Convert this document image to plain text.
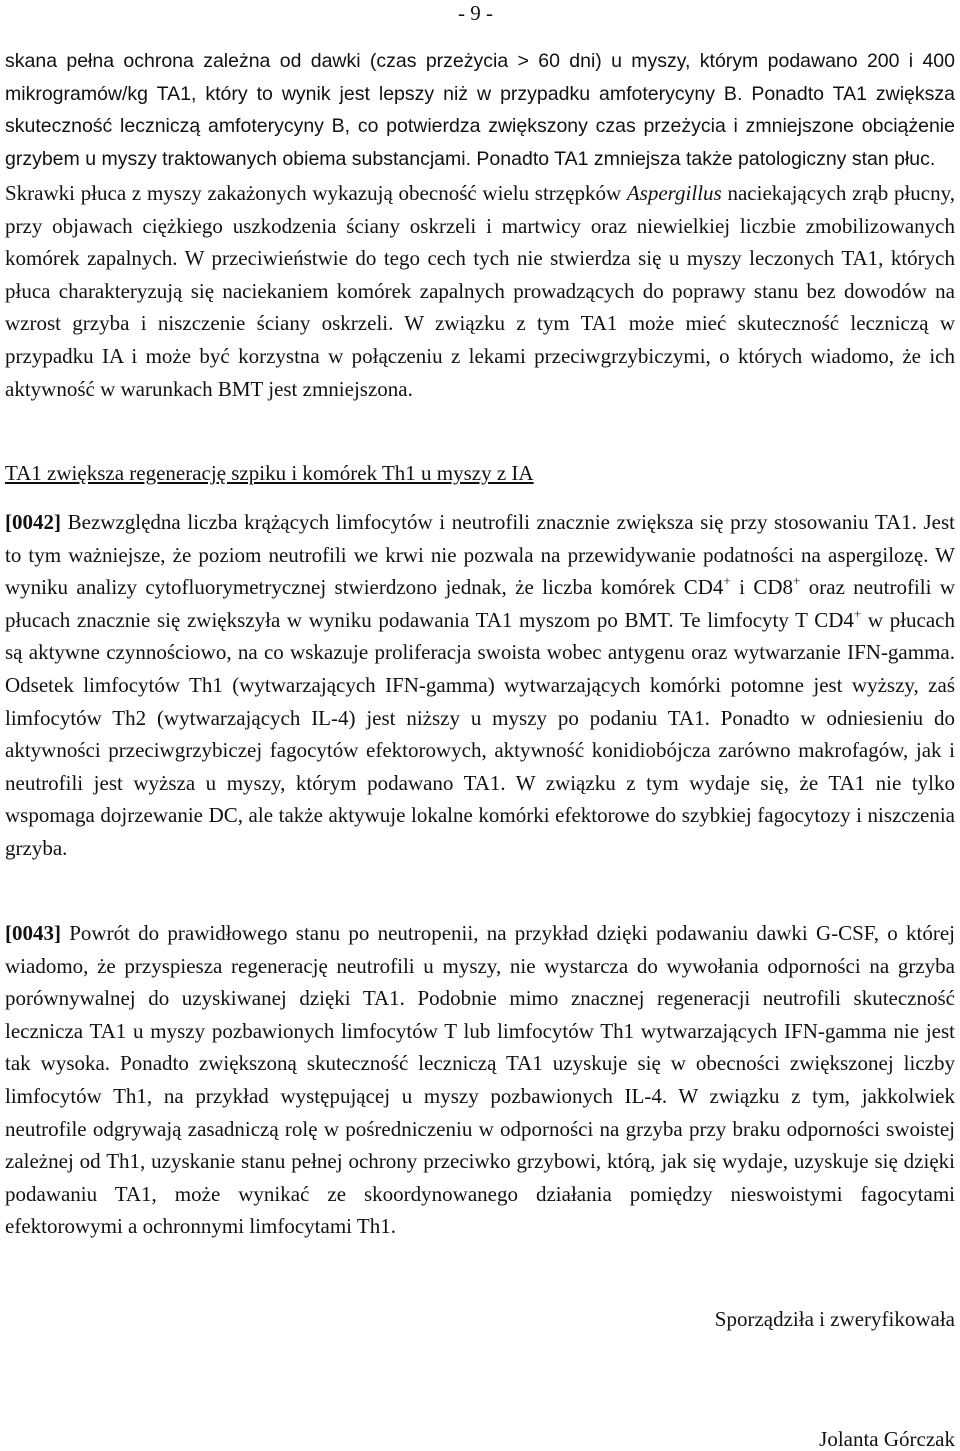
- 9 -
skana pełna ochrona zależna od dawki (czas przeżycia > 60 dni) u myszy, którym podawano 200 i 400 mikrogramów/kg TA1, który to wynik jest lepszy niż w przypadku amfoterycyny B. Ponadto TA1 zwiększa skuteczność leczniczą amfoterycyny B, co potwierdza zwiększony czas przeżycia i zmniejszone obciążenie grzybem u myszy traktowanych obiema substancjami. Ponadto TA1 zmniejsza także patologiczny stan płuc.
Skrawki płuca z myszy zakażonych wykazują obecność wielu strzępków Aspergillus naciekających zrąb płucny, przy objawach ciężkiego uszkodzenia ściany oskrzeli i martwicy oraz niewielkiej liczbie zmobilizowanych komórek zapalnych. W przeciwieństwie do tego cech tych nie stwierdza się u myszy leczonych TA1, których płuca charakteryzują się naciekaniem komórek zapalnych prowadzących do poprawy stanu bez dowodów na wzrost grzyba i niszczenie ściany oskrzeli. W związku z tym TA1 może mieć skuteczność leczniczą w przypadku IA i może być korzystna w połączeniu z lekami przeciwgrzybiczymi, o których wiadomo, że ich aktywność w warunkach BMT jest zmniejszona.
TA1 zwiększa regenerację szpiku i komórek Th1 u myszy z IA
[0042] Bezwzględna liczba krążących limfocytów i neutrofili znacznie zwiększa się przy stosowaniu TA1. Jest to tym ważniejsze, że poziom neutrofili we krwi nie pozwala na przewidywanie podatności na aspergilozę. W wyniku analizy cytofluorymetrycznej stwierdzono jednak, że liczba komórek CD4+ i CD8+ oraz neutrofili w płucach znacznie się zwiększyła w wyniku podawania TA1 myszom po BMT. Te limfocyty T CD4+ w płucach są aktywne czynnościowo, na co wskazuje proliferacja swoista wobec antygenu oraz wytwarzanie IFN-gamma. Odsetek limfocytów Th1 (wytwarzających IFN-gamma) wytwarzających komórki potomne jest wyższy, zaś limfocytów Th2 (wytwarzających IL-4) jest niższy u myszy po podaniu TA1. Ponadto w odniesieniu do aktywności przeciwgrzybiczej fagocytów efektorowych, aktywność konidiobójcza zarówno makrofagów, jak i neutrofili jest wyższa u myszy, którym podawano TA1. W związku z tym wydaje się, że TA1 nie tylko wspomaga dojrzewanie DC, ale także aktywuje lokalne komórki efektorowe do szybkiej fagocytozy i niszczenia grzyba.
[0043] Powrót do prawidłowego stanu po neutropenii, na przykład dzięki podawaniu dawki G-CSF, o której wiadomo, że przyspiesza regenerację neutrofili u myszy, nie wystarcza do wywołania odporności na grzyba porównywalnej do uzyskiwanej dzięki TA1. Podobnie mimo znacznej regeneracji neutrofili skuteczność lecznicza TA1 u myszy pozbawionych limfocytów T lub limfocytów Th1 wytwarzających IFN-gamma nie jest tak wysoka. Ponadto zwiększoną skuteczność leczniczą TA1 uzyskuje się w obecności zwiększonej liczby limfocytów Th1, na przykład występującej u myszy pozbawionych IL-4. W związku z tym, jakkolwiek neutrofile odgrywają zasadniczą rolę w pośredniczeniu w odporności na grzyba przy braku odporności swoistej zależnej od Th1, uzyskanie stanu pełnej ochrony przeciwko grzybowi, którą, jak się wydaje, uzyskuje się dzięki podawaniu TA1, może wynikać ze skoordynowanego działania pomiędzy nieswoistymi fagocytami efektorowymi a ochronnymi limfocytami Th1.
Sporządziła i zweryfikowała
Jolanta Górczak
